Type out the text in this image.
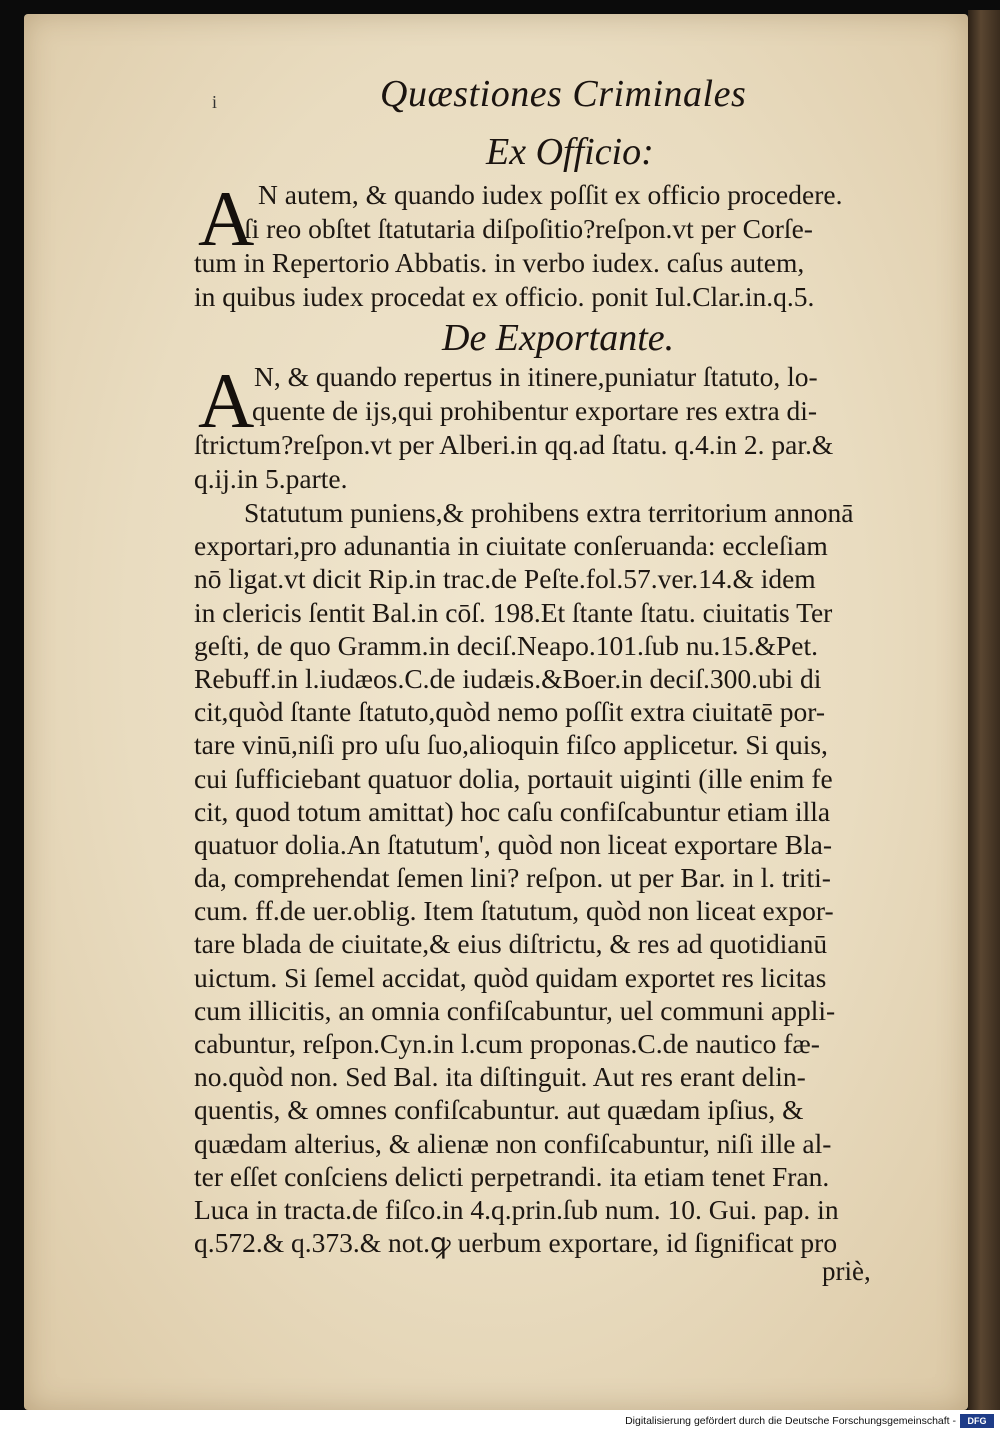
i	Quæstiones Criminales
Ex Officio:
A N autem, & quando iudex poſſit ex officio procedere.
ſi reo obſtet ſtatutaria diſpoſitio?reſpon.vt per Corſe-
tum in Repertorio Abbatis. in verbo iudex. caſus autem,
in quibus iudex procedat ex officio. ponit Iul.Clar.in.q.5.
De Exportante.
A N, & quando repertus in itinere,puniatur ſtatuto, lo-
quente de ijs,qui prohibentur exportare res extra di-
ſtrictum?reſpon.vt per Alberi.in qq.ad ſtatu. q.4.in 2. par.&
q.ij.in 5.parte.
Statutum puniens,& prohibens extra territorium annonā
exportari,pro adunantia in ciuitate conſeruanda: eccleſiam
nō ligat.vt dicit Rip.in trac.de Peſte.fol.57.ver.14.& idem
in clericis ſentit Bal.in cōſ. 198.Et ſtante ſtatu. ciuitatis Ter
geſti, de quo Gramm.in deciſ.Neapo.101.ſub nu.15.&Pet.
Rebuff.in l.iudæos.C.de iudæis.&Boer.in deciſ.300.ubi di
cit,quòd ſtante ſtatuto,quòd nemo poſſit extra ciuitatē por-
tare vinū,niſi pro uſu ſuo,alioquin fiſco applicetur. Si quis,
cui ſufficiebant quatuor dolia, portauit uiginti (ille enim fe
cit, quod totum amittat) hoc caſu confiſcabuntur etiam illa
quatuor dolia.An ſtatutum', quòd non liceat exportare Bla-
da, comprehendat ſemen lini? reſpon. ut per Bar. in l. triti-
cum. ff.de uer.oblig. Item ſtatutum, quòd non liceat expor-
tare blada de ciuitate,& eius diſtrictu, & res ad quotidianū
uictum. Si ſemel accidat, quòd quidam exportet res licitas
cum illicitis, an omnia confiſcabuntur, uel communi appli-
cabuntur, reſpon.Cyn.in l.cum proponas.C.de nautico fæ-
no.quòd non. Sed Bal. ita diſtinguit. Aut res erant delin-
quentis, & omnes confiſcabuntur. aut quædam ipſius, &
quædam alterius, & alienæ non confiſcabuntur, niſi ille al-
ter eſſet conſciens delicti perpetrandi. ita etiam tenet Fran.
Luca in tracta.de fiſco.in 4.q.prin.ſub num. 10. Gui. pap. in
q.572.& q.373.& not.ꝙ uerbum exportare, id ſignificat pro
priè,
Digitalisierung gefördert durch die Deutsche Forschungsgemeinschaft -	DFG
